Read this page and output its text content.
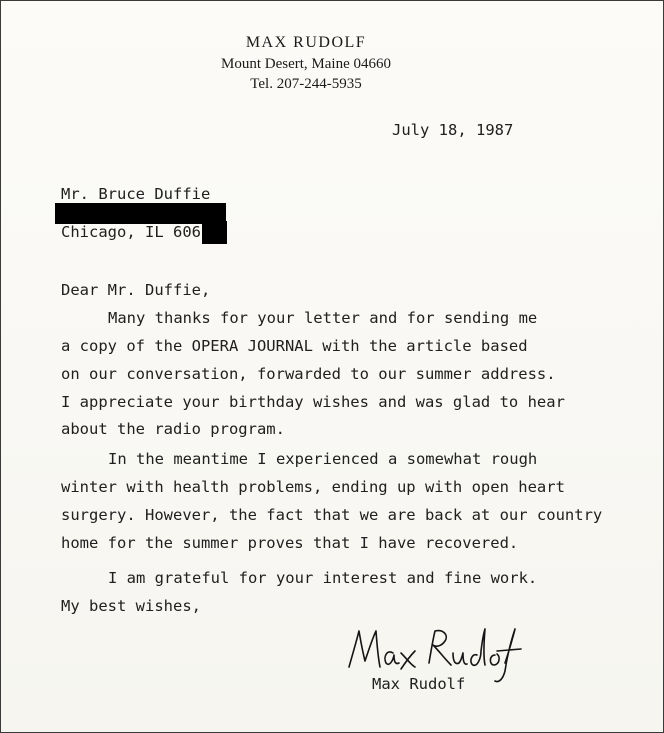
MAX RUDOLF
Mount Desert, Maine 04660
Tel. 207-244-5935
July 18, 1987
Mr. Bruce Duffie
Chicago, IL 606
Dear Mr. Duffie,
Many thanks for your letter and for sending me
a copy of the OPERA JOURNAL with the article based
on our conversation, forwarded to our summer address.
I appreciate your birthday wishes and was glad to hear
about the radio program.
In the meantime I experienced a somewhat rough
winter with health problems, ending up with open heart
surgery. However, the fact that we are back at our country
home for the summer proves that I have recovered.
I am grateful for your interest and fine work.
My best wishes,
Max Rudolf
